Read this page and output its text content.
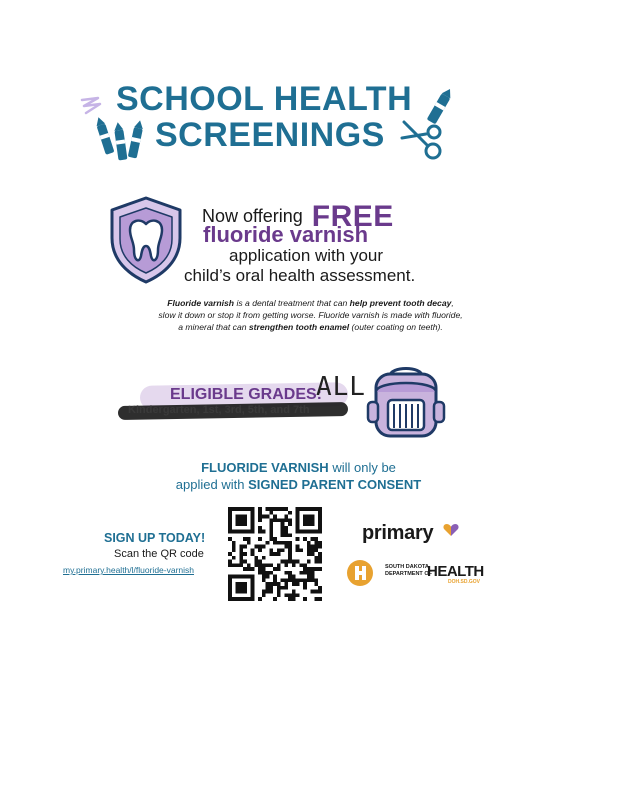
SCHOOL HEALTH
SCREENINGS
Now offering FREE
fluoride varnish
application with your
child’s oral health assessment.
Fluoride varnish is a dental treatment that can help prevent tooth decay,
slow it down or stop it from getting worse. Fluoride varnish is made with fluoride,
a mineral that can strengthen tooth enamel (outer coating on teeth).
ELIGIBLE GRADES:
ALL
Kindergarten, 1st, 3rd, 5th, and 7th
FLUORIDE VARNISH will only be
applied with SIGNED PARENT CONSENT
SIGN UP TODAY!
Scan the QR code
my.primary.health/l/fluoride-varnish
primary
SOUTH DAKOTA
DEPARTMENT OF
HEALTH
DOH.SD.GOV
